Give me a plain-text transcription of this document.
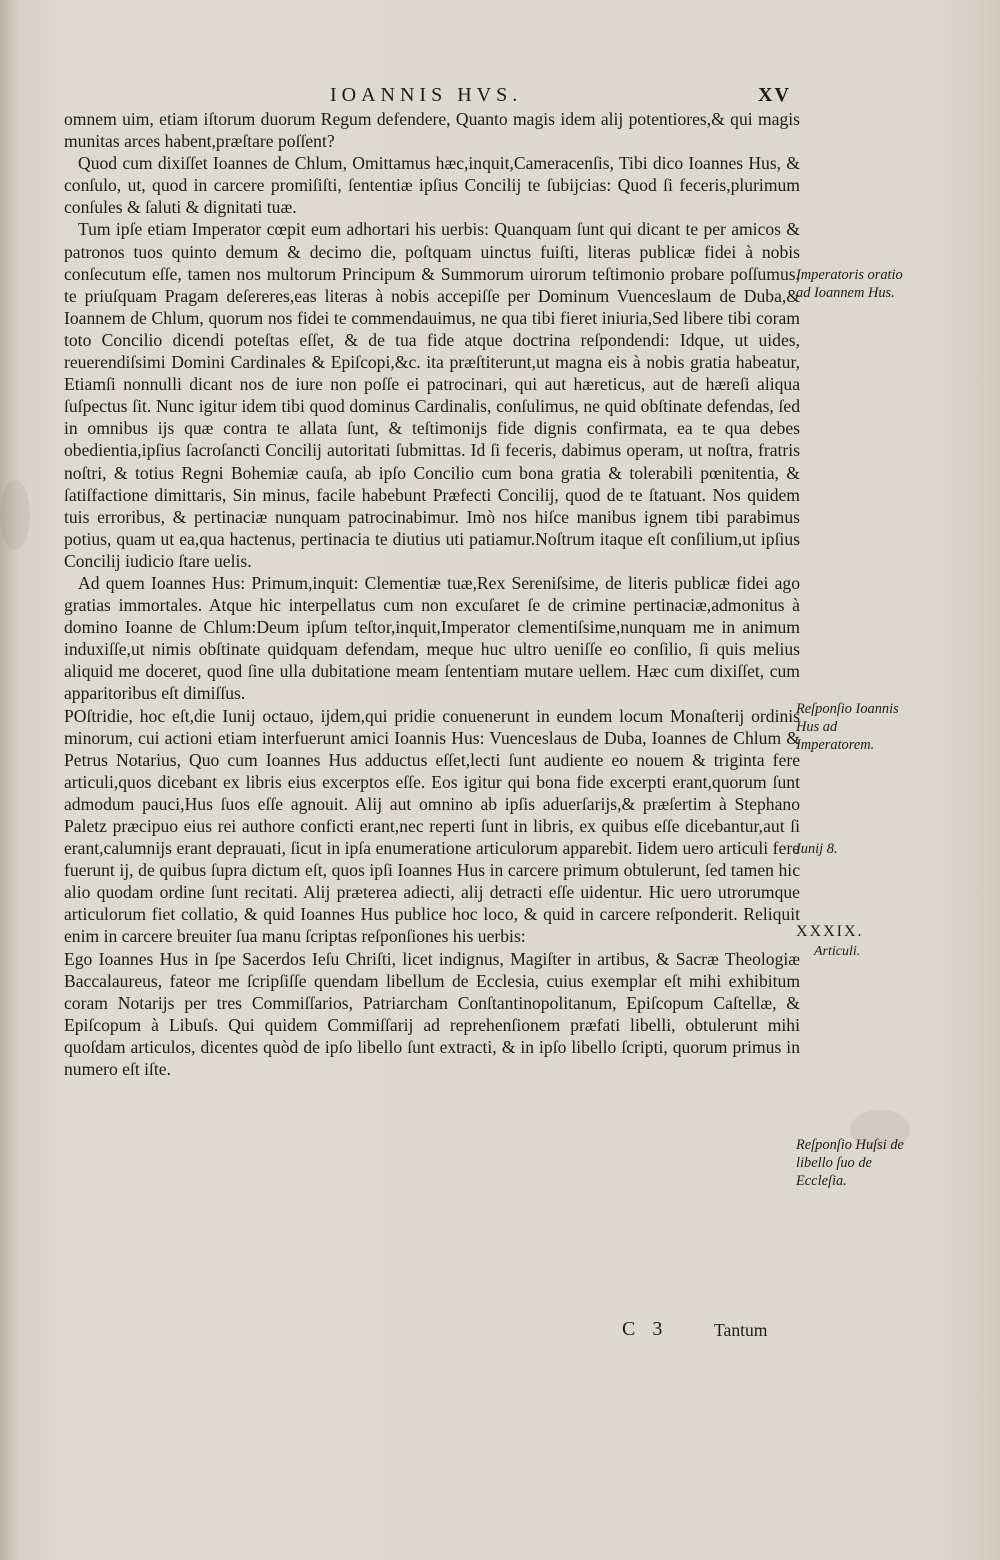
IOANNIS HVS.	XV

omnem uim, etiam iſtorum duorum Regum defendere, Quanto magis idem alij potentiores,& qui magis munitas arces habent,præſtare poſſent?

Quod cum dixiſſet Ioannes de Chlum, Omittamus hæc,inquit,Cameracenſis, Tibi dico Ioannes Hus, & conſulo, ut, quod in carcere promiſiſti, ſententiæ ipſius Concilij te ſubijcias: Quod ſi feceris,plurimum conſules & ſaluti & dignitati tuæ.

Tum ipſe etiam Imperator cœpit eum adhortari his uerbis: Quanquam ſunt qui dicant te per amicos & patronos tuos quinto demum & decimo die, poſtquam uinctus fuiſti, literas publicæ fidei à nobis conſecutum eſſe, tamen nos multorum Principum & Summorum uirorum teſtimonio probare poſſumus, te priuſquam Pragam deſereres,eas literas à nobis accepiſſe per Dominum Vuenceslaum de Duba,& Ioannem de Chlum, quorum nos fidei te commendauimus, ne qua tibi fieret iniuria,Sed libere tibi coram toto Concilio dicendi poteſtas eſſet, & de tua fide atque doctrina reſpondendi: Idque, ut uides, reuerendiſsimi Domini Cardinales & Epiſcopi,&c. ita præſtiterunt,ut magna eis à nobis gratia habeatur, Etiamſi nonnulli dicant nos de iure non poſſe ei patrocinari, qui aut hæreticus, aut de hæreſi aliqua ſuſpectus ſit. Nunc igitur idem tibi quod dominus Cardinalis, conſulimus, ne quid obſtinate defendas, ſed in omnibus ijs quæ contra te allata ſunt, & teſtimonijs fide dignis confirmata, ea te qua debes obedientia,ipſius ſacroſancti Concilij autoritati ſubmittas. Id ſi feceris, dabimus operam, ut noſtra, fratris noſtri, & totius Regni Bohemiæ cauſa, ab ipſo Concilio cum bona gratia & tolerabili pœnitentia, & ſatiſfactione dimittaris, Sin minus, facile habebunt Præfecti Concilij, quod de te ſtatuant. Nos quidem tuis erroribus, & pertinaciæ nunquam patrocinabimur. Imò nos hiſce manibus ignem tibi parabimus potius, quam ut ea,qua hactenus, pertinacia te diutius uti patiamur.Noſtrum itaque eſt conſilium,ut ipſius Concilij iudicio ſtare uelis.

Ad quem Ioannes Hus: Primum,inquit: Clementiæ tuæ,Rex Sereniſsime, de literis publicæ fidei ago gratias immortales. Atque hic interpellatus cum non excuſaret ſe de crimine pertinaciæ,admonitus à domino Ioanne de Chlum:Deum ipſum teſtor,inquit,Imperator clementiſsime,nunquam me in animum induxiſſe,ut nimis obſtinate quidquam defendam, meque huc ultro ueniſſe eo conſilio, ſi quis melius aliquid me doceret, quod ſine ulla dubitatione meam ſententiam mutare uellem. Hæc cum dixiſſet, cum apparitoribus eſt dimiſſus.

POſtridie, hoc eſt,die Iunij octauo, ijdem,qui pridie conuenerunt in eundem locum Monaſterij ordinis minorum, cui actioni etiam interfuerunt amici Ioannis Hus: Vuenceslaus de Duba, Ioannes de Chlum & Petrus Notarius, Quo cum Ioannes Hus adductus eſſet,lecti ſunt audiente eo nouem & triginta fere articuli,quos dicebant ex libris eius excerptos eſſe. Eos igitur qui bona fide excerpti erant,quorum ſunt admodum pauci,Hus ſuos eſſe agnouit. Alij aut omnino ab ipſis aduerſarijs,& præſertim à Stephano Paletz præcipuo eius rei authore conficti erant,nec reperti ſunt in libris, ex quibus eſſe dicebantur,aut ſi erant,calumnijs erant deprauati, ſicut in ipſa enumeratione articulorum apparebit. Iidem uero articuli fere fuerunt ij, de quibus ſupra dictum eſt, quos ipſi Ioannes Hus in carcere primum obtulerunt, ſed tamen hic alio quodam ordine ſunt recitati. Alij præterea adiecti, alij detracti eſſe uidentur. Hic uero utrorumque articulorum fiet collatio, & quid Ioannes Hus publice hoc loco, & quid in carcere reſponderit. Reliquit enim in carcere breuiter ſua manu ſcriptas reſponſiones his uerbis:

Ego Ioannes Hus in ſpe Sacerdos Ieſu Chriſti, licet indignus, Magiſter in artibus, & Sacræ Theologiæ Baccalaureus, fateor me ſcripſiſſe quendam libellum de Ecclesia, cuius exemplar eſt mihi exhibitum coram Notarijs per tres Commiſſarios, Patriarcham Conſtantinopolitanum, Epiſcopum Caſtellæ, & Epiſcopum à Libuſs. Qui quidem Commiſſarij ad reprehenſionem præfati libelli, obtulerunt mihi quoſdam articulos, dicentes quòd de ipſo libello ſunt extracti, & in ipſo libello ſcripti, quorum primus in numero eſt iſte.

Imperatoris oratio ad Ioannem Hus.
Reſponſio Ioannis Hus ad Imperatorem.
Iunij 8.
XXXIX.
Articuli.
Reſponſio Huſsi de libello ſuo de Eccleſia.
C 3	Tantum
